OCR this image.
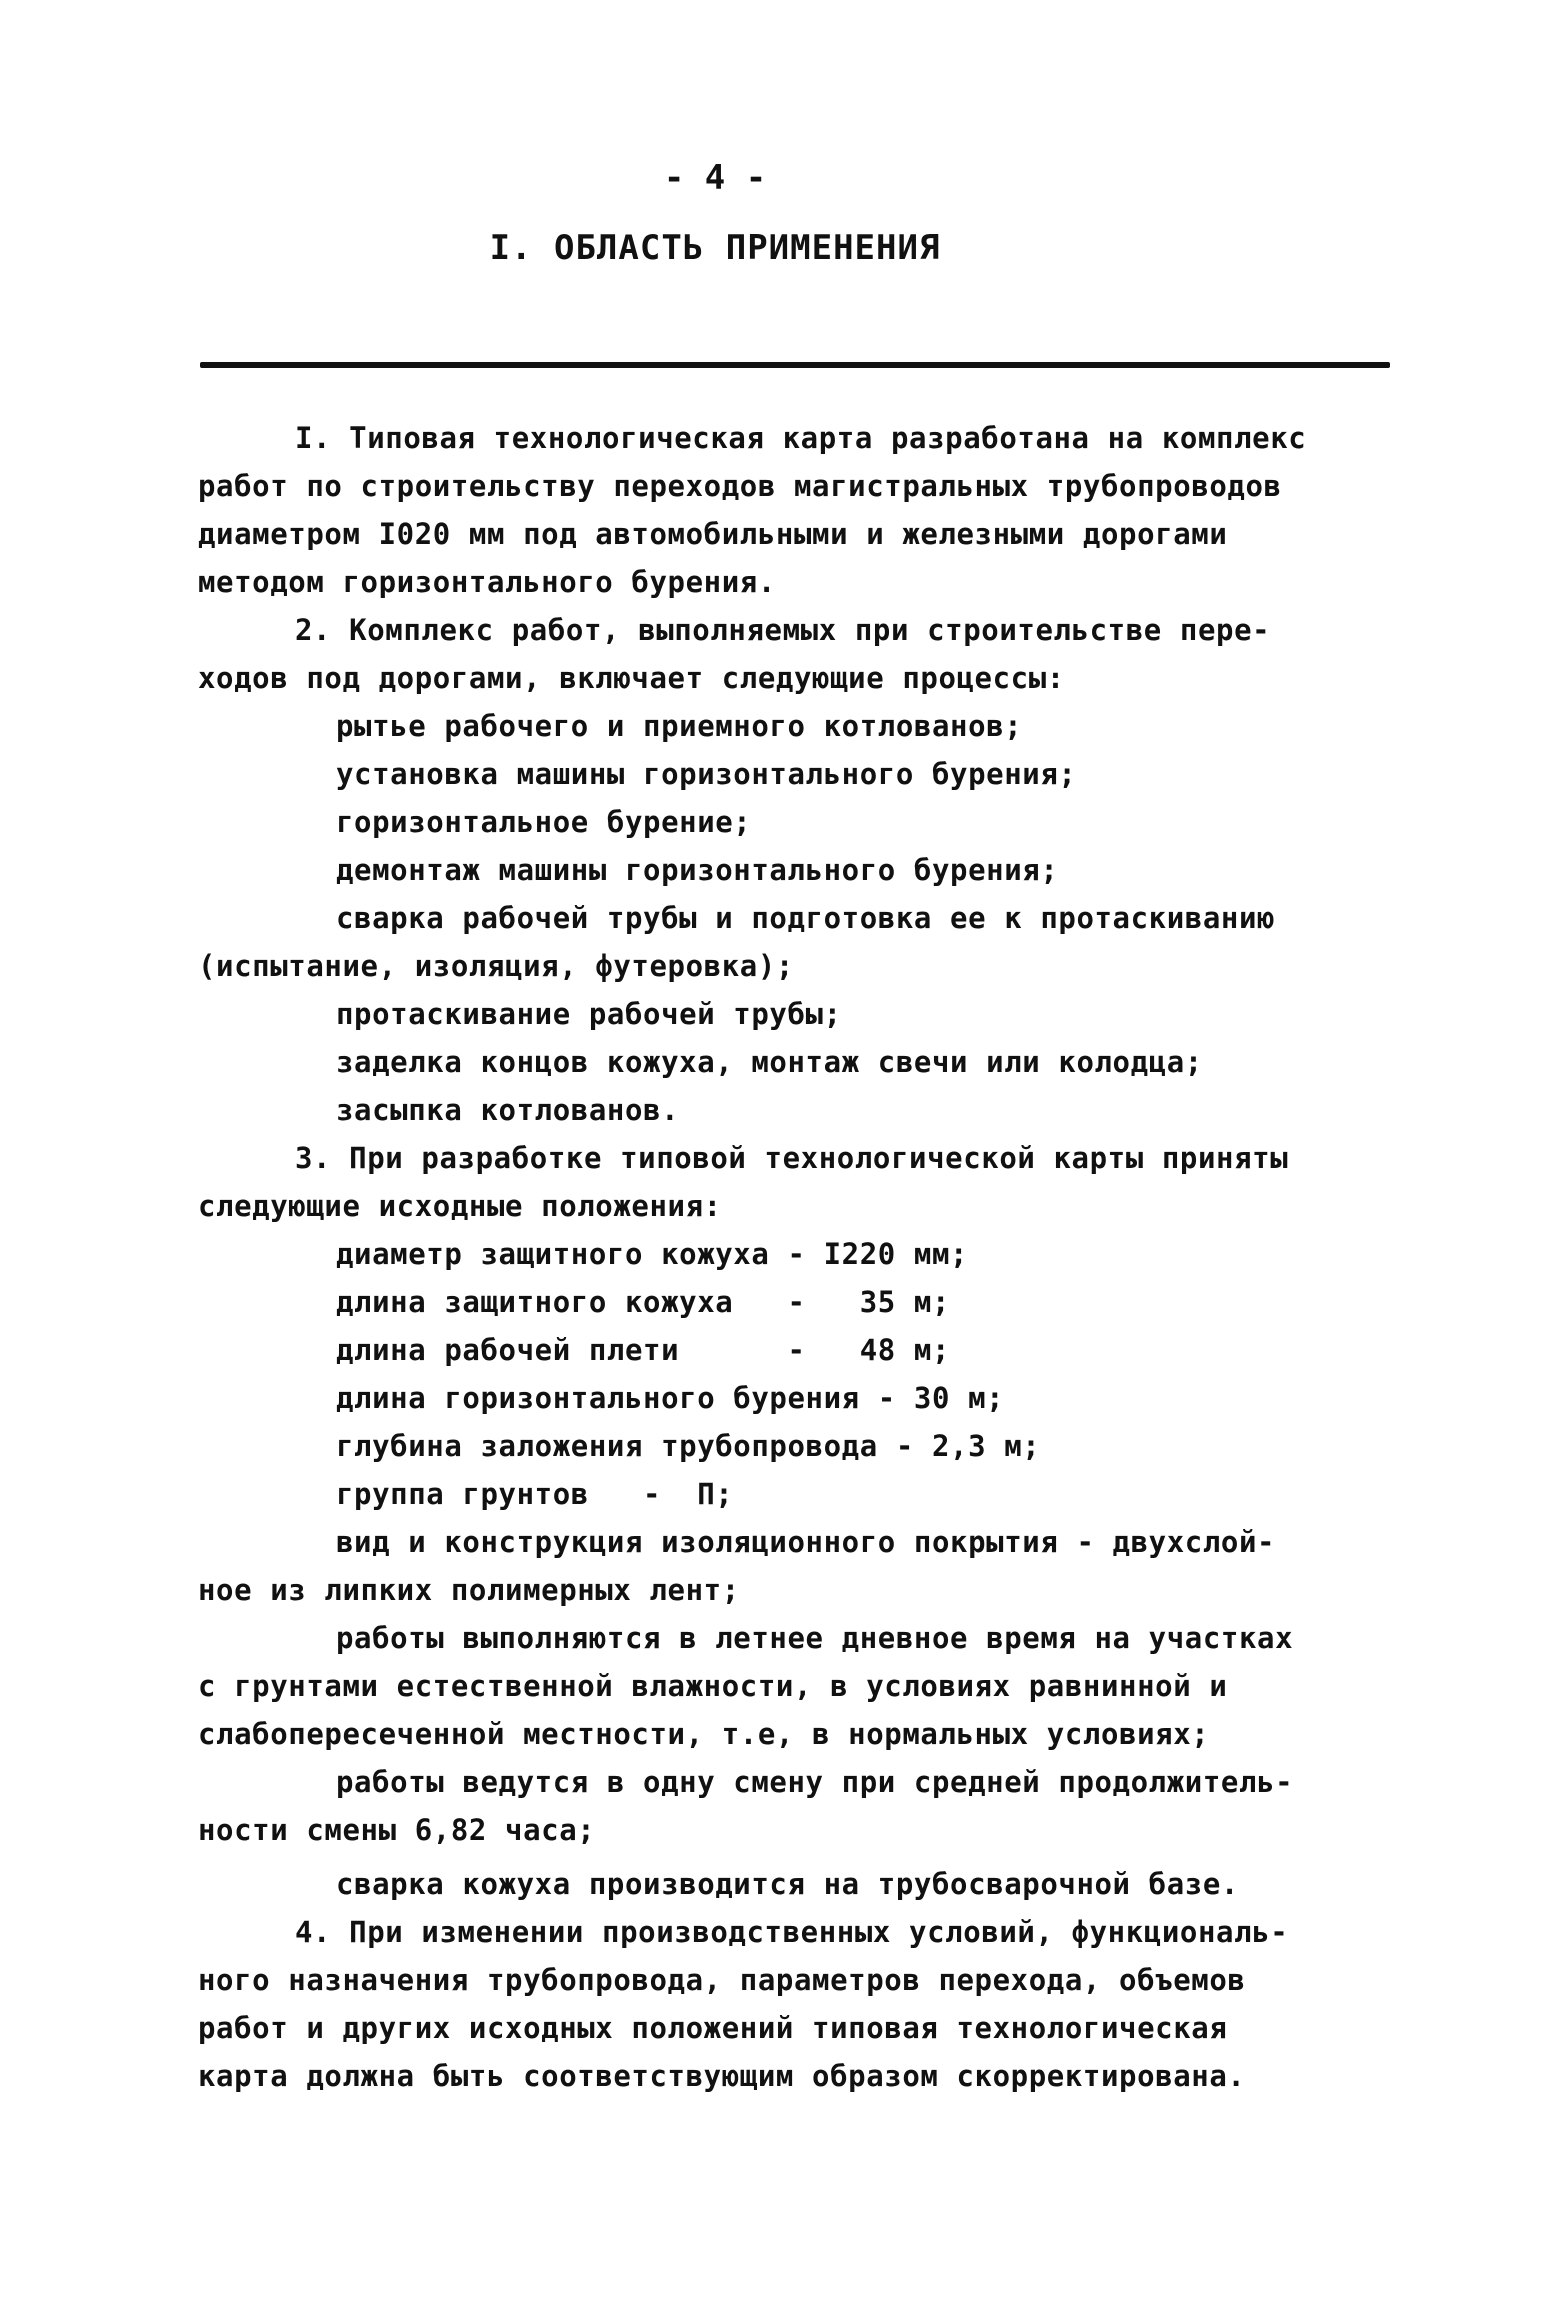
- 4 -
I. ОБЛАСТЬ ПРИМЕНЕНИЯ
I. Типовая технологическая карта разработана на комплекс
работ по строительству переходов магистральных трубопроводов
диаметром I020 мм под автомобильными и железными дорогами
методом горизонтального бурения.
2. Комплекс работ, выполняемых при строительстве пере-
ходов под дорогами, включает следующие процессы:
рытье рабочего и приемного котлованов;
установка машины горизонтального бурения;
горизонтальное бурение;
демонтаж машины горизонтального бурения;
сварка рабочей трубы и подготовка ее к протаскиванию
(испытание, изоляция, футеровка);
протаскивание рабочей трубы;
заделка концов кожуха, монтаж свечи или колодца;
засыпка котлованов.
3. При разработке типовой технологической карты приняты
следующие исходные положения:
диаметр защитного кожуха - I220 мм;
длина защитного кожуха   -   35 м;
длина рабочей плети      -   48 м;
длина горизонтального бурения - 30 м;
глубина заложения трубопровода - 2,3 м;
группа грунтов   -  П;
вид и конструкция изоляционного покрытия - двухслой-
ное из липких полимерных лент;
работы выполняются в летнее дневное время на участках
с грунтами естественной влажности, в условиях равнинной и
слабопересеченной местности, т.е, в нормальных условиях;
работы ведутся в одну смену при средней продолжитель-
ности смены 6,82 часа;
сварка кожуха производится на трубосварочной базе.
4. При изменении производственных условий, функциональ-
ного назначения трубопровода, параметров перехода, объемов
работ и других исходных положений типовая технологическая
карта должна быть соответствующим образом скорректирована.
